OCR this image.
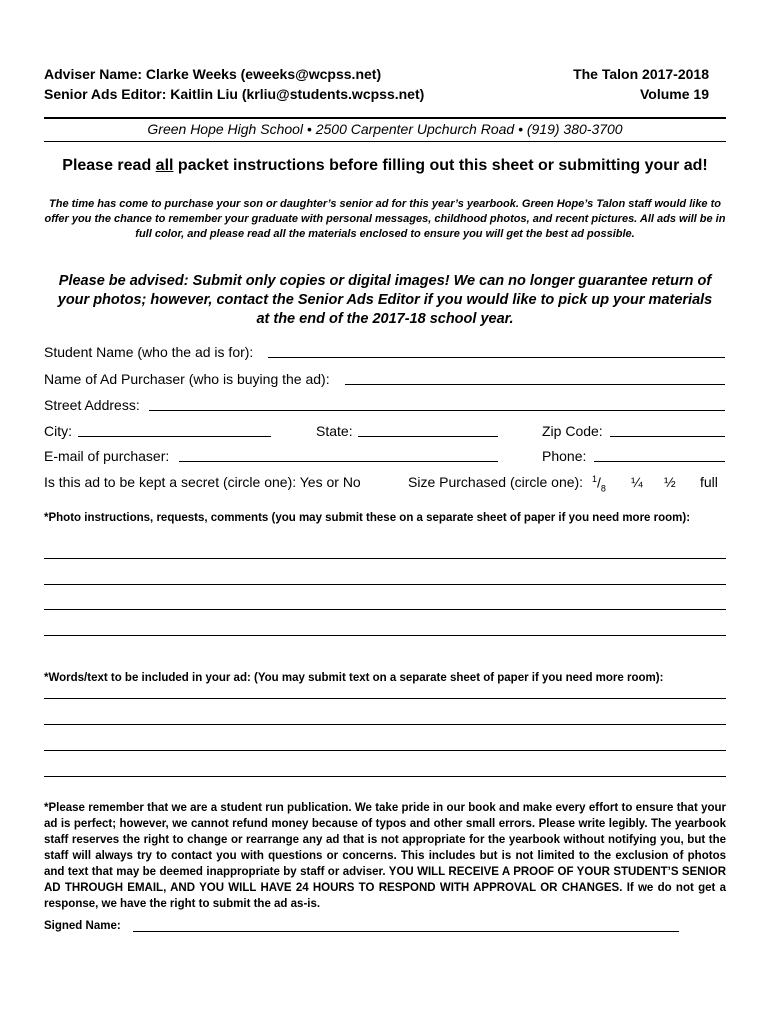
Adviser Name: Clarke Weeks (eweeks@wcpss.net)
Senior Ads Editor: Kaitlin Liu (krliu@students.wcpss.net)
The Talon 2017-2018
Volume 19
Green Hope High School • 2500 Carpenter Upchurch Road • (919) 380-3700
Please read all packet instructions before filling out this sheet or submitting your ad!
The time has come to purchase your son or daughter’s senior ad for this year’s yearbook. Green Hope’s Talon staff would like to offer you the chance to remember your graduate with personal messages, childhood photos, and recent pictures. All ads will be in full color, and please read all the materials enclosed to ensure you will get the best ad possible.
Please be advised: Submit only copies or digital images! We can no longer guarantee return of your photos; however, contact the Senior Ads Editor if you would like to pick up your materials at the end of the 2017-18 school year.
Student Name (who the ad is for):
Name of Ad Purchaser (who is buying the ad):
Street Address:
City:	State:	Zip Code:
E-mail of purchaser:	Phone:
Is this ad to be kept a secret (circle one): Yes or No	Size Purchased (circle one): $^1/_8$ ¼ ½ full
*Photo instructions, requests, comments (you may submit these on a separate sheet of paper if you need more room):
*Words/text to be included in your ad: (You may submit text on a separate sheet of paper if you need more room):
*Please remember that we are a student run publication. We take pride in our book and make every effort to ensure that your ad is perfect; however, we cannot refund money because of typos and other small errors. Please write legibly. The yearbook staff reserves the right to change or rearrange any ad that is not appropriate for the yearbook without notifying you, but the staff will always try to contact you with questions or concerns. This includes but is not limited to the exclusion of photos and text that may be deemed inappropriate by staff or adviser. YOU WILL RECEIVE A PROOF OF YOUR STUDENT’S SENIOR AD THROUGH EMAIL, AND YOU WILL HAVE 24 HOURS TO RESPOND WITH APPROVAL OR CHANGES. If we do not get a response, we have the right to submit the ad as-is.
Signed Name:
